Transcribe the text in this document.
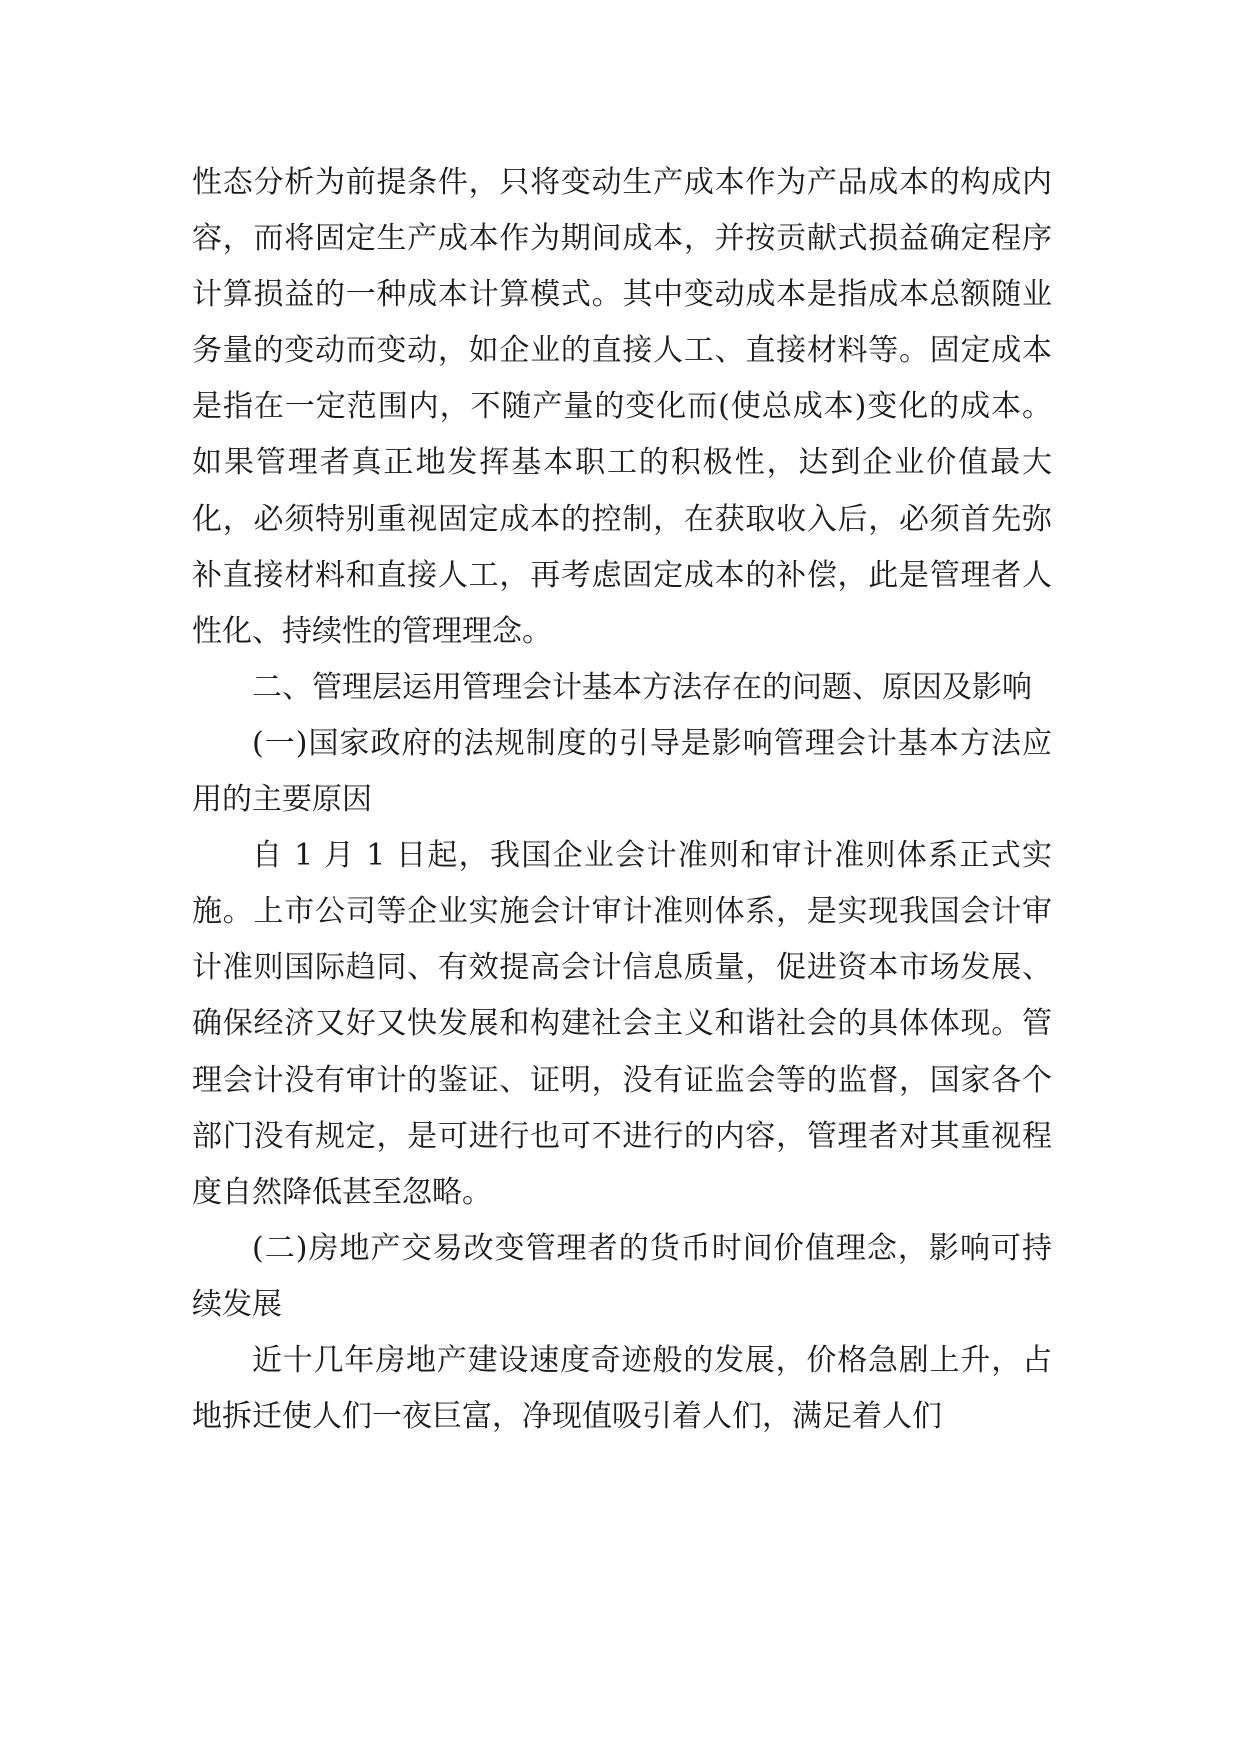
性态分析为前提条件，只将变动生产成本作为产品成本的构成内容，而将固定生产成本作为期间成本，并按贡献式损益确定程序计算损益的一种成本计算模式。其中变动成本是指成本总额随业务量的变动而变动，如企业的直接人工、直接材料等。固定成本是指在一定范围内，不随产量的变化而(使总成本)变化的成本。如果管理者真正地发挥基本职工的积极性，达到企业价值最大化，必须特别重视固定成本的控制，在获取收入后，必须首先弥补直接材料和直接人工，再考虑固定成本的补偿，此是管理者人性化、持续性的管理理念。

二、管理层运用管理会计基本方法存在的问题、原因及影响

(一)国家政府的法规制度的引导是影响管理会计基本方法应用的主要原因

自 1 月 1 日起，我国企业会计准则和审计准则体系正式实施。上市公司等企业实施会计审计准则体系，是实现我国会计审计准则国际趋同、有效提高会计信息质量，促进资本市场发展、确保经济又好又快发展和构建社会主义和谐社会的具体体现。管理会计没有审计的鉴证、证明，没有证监会等的监督，国家各个部门没有规定，是可进行也可不进行的内容，管理者对其重视程度自然降低甚至忽略。

(二)房地产交易改变管理者的货币时间价值理念，影响可持续发展

近十几年房地产建设速度奇迹般的发展，价格急剧上升，占地拆迁使人们一夜巨富，净现值吸引着人们，满足着人们
